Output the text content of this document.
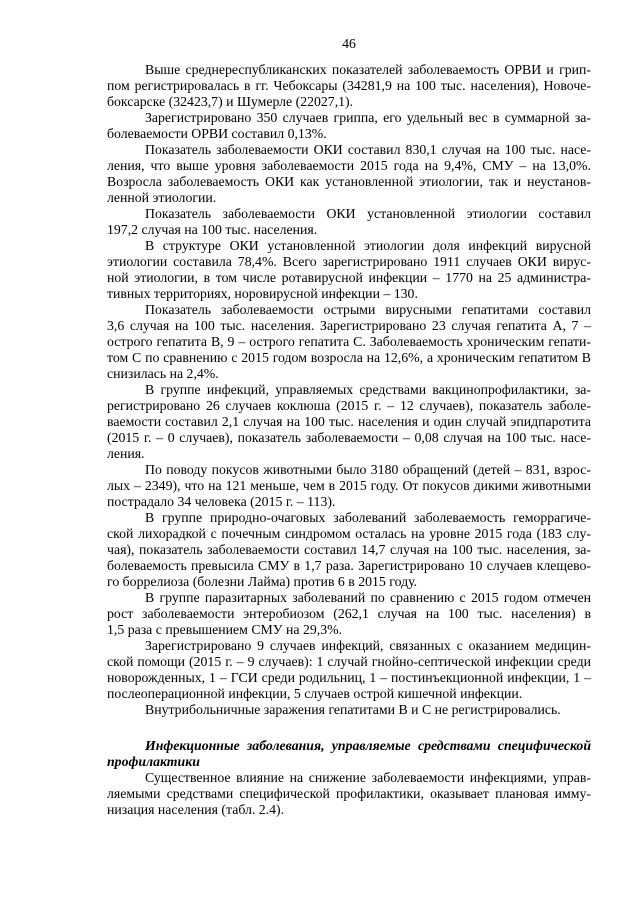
46
Выше среднереспубликанских показателей заболеваемость ОРВИ и грип-
пом регистрировалась в гг. Чебоксары (34281,9 на 100 тыс. населения), Новоче-
боксарске (32423,7) и Шумерле (22027,1).
Зарегистрировано 350 случаев гриппа, его удельный вес в суммарной за-
болеваемости ОРВИ составил 0,13%.
Показатель заболеваемости ОКИ составил 830,1 случая на 100 тыс. насе-
ления, что выше уровня заболеваемости 2015 года на 9,4%, СМУ – на 13,0%.
Возросла заболеваемость ОКИ как установленной этиологии, так и неустанов-
ленной этиологии.
Показатель заболеваемости ОКИ установленной этиологии составил
197,2 случая на 100 тыс. населения.
В структуре ОКИ установленной этиологии доля инфекций вирусной
этиологии составила 78,4%. Всего зарегистрировано 1911 случаев ОКИ вирус-
ной этиологии, в том числе ротавирусной инфекции – 1770 на 25 администра-
тивных территориях, норовирусной инфекции – 130.
Показатель заболеваемости острыми вирусными гепатитами составил
3,6 случая на 100 тыс. населения. Зарегистрировано 23 случая гепатита А, 7 –
острого гепатита В, 9 – острого гепатита С. Заболеваемость хроническим гепати-
том С по сравнению с 2015 годом возросла на 12,6%, а хроническим гепатитом В
снизилась на 2,4%.
В группе инфекций, управляемых средствами вакцинопрофилактики, за-
регистрировано 26 случаев коклюша (2015 г. – 12 случаев), показатель заболе-
ваемости составил 2,1 случая на 100 тыс. населения и один случай эпидпаротита
(2015 г. – 0 случаев), показатель заболеваемости – 0,08 случая на 100 тыс. насе-
ления.
По поводу покусов животными было 3180 обращений (детей – 831, взрос-
лых – 2349), что на 121 меньше, чем в 2015 году. От покусов дикими животными
пострадало 34 человека (2015 г. – 113).
В группе природно-очаговых заболеваний заболеваемость геморрагиче-
ской лихорадкой с почечным синдромом осталась на уровне 2015 года (183 слу-
чая), показатель заболеваемости составил 14,7 случая на 100 тыс. населения, за-
болеваемость превысила СМУ в 1,7 раза. Зарегистрировано 10 случаев клещево-
го боррелиоза (болезни Лайма) против 6 в 2015 году.
В группе паразитарных заболеваний по сравнению с 2015 годом отмечен
рост заболеваемости энтеробиозом (262,1 случая на 100 тыс. населения) в
1,5 раза с превышением СМУ на 29,3%.
Зарегистрировано 9 случаев инфекций, связанных с оказанием медицин-
ской помощи (2015 г. – 9 случаев): 1 случай гнойно-септической инфекции среди
новорожденных, 1 – ГСИ среди родильниц, 1 – постинъекционной инфекции, 1 –
послеоперационной инфекции, 5 случаев острой кишечной инфекции.
Внутрибольничные заражения гепатитами В и С не регистрировались.
Инфекционные заболевания, управляемые средствами специфической
профилактики
Существенное влияние на снижение заболеваемости инфекциями, управ-
ляемыми средствами специфической профилактики, оказывает плановая имму-
низация населения (табл. 2.4).
